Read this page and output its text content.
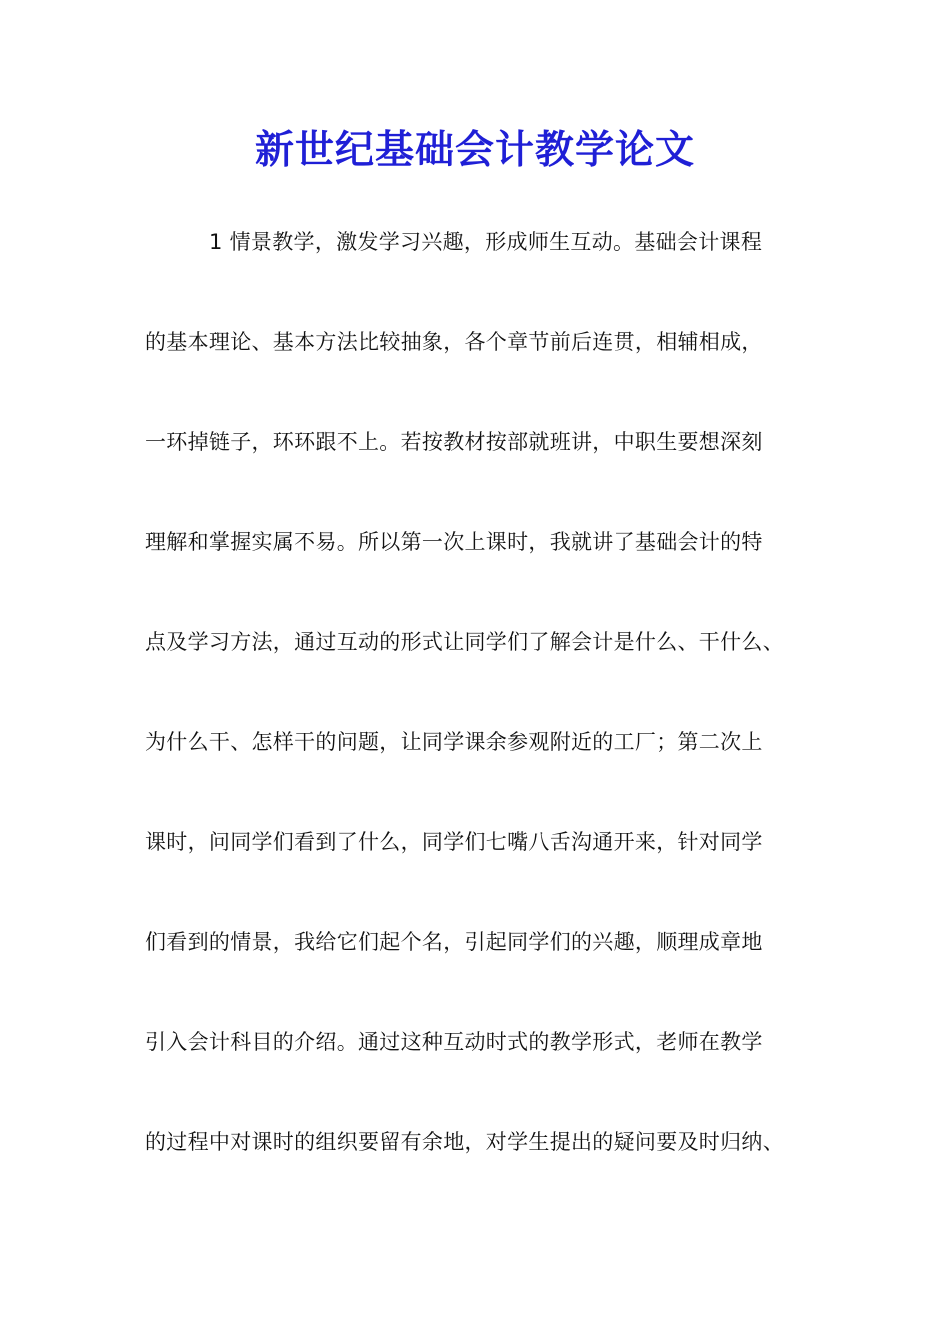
新世纪基础会计教学论文
1 情景教学，激发学习兴趣，形成师生互动。基础会计课程
的基本理论、基本方法比较抽象，各个章节前后连贯，相辅相成，
一环掉链子，环环跟不上。若按教材按部就班讲，中职生要想深刻
理解和掌握实属不易。所以第一次上课时，我就讲了基础会计的特
点及学习方法，通过互动的形式让同学们了解会计是什么、干什么、
为什么干、怎样干的问题，让同学课余参观附近的工厂；第二次上
课时，问同学们看到了什么，同学们七嘴八舌沟通开来，针对同学
们看到的情景，我给它们起个名，引起同学们的兴趣，顺理成章地
引入会计科目的介绍。通过这种互动时式的教学形式，老师在教学
的过程中对课时的组织要留有余地，对学生提出的疑问要及时归纳、
